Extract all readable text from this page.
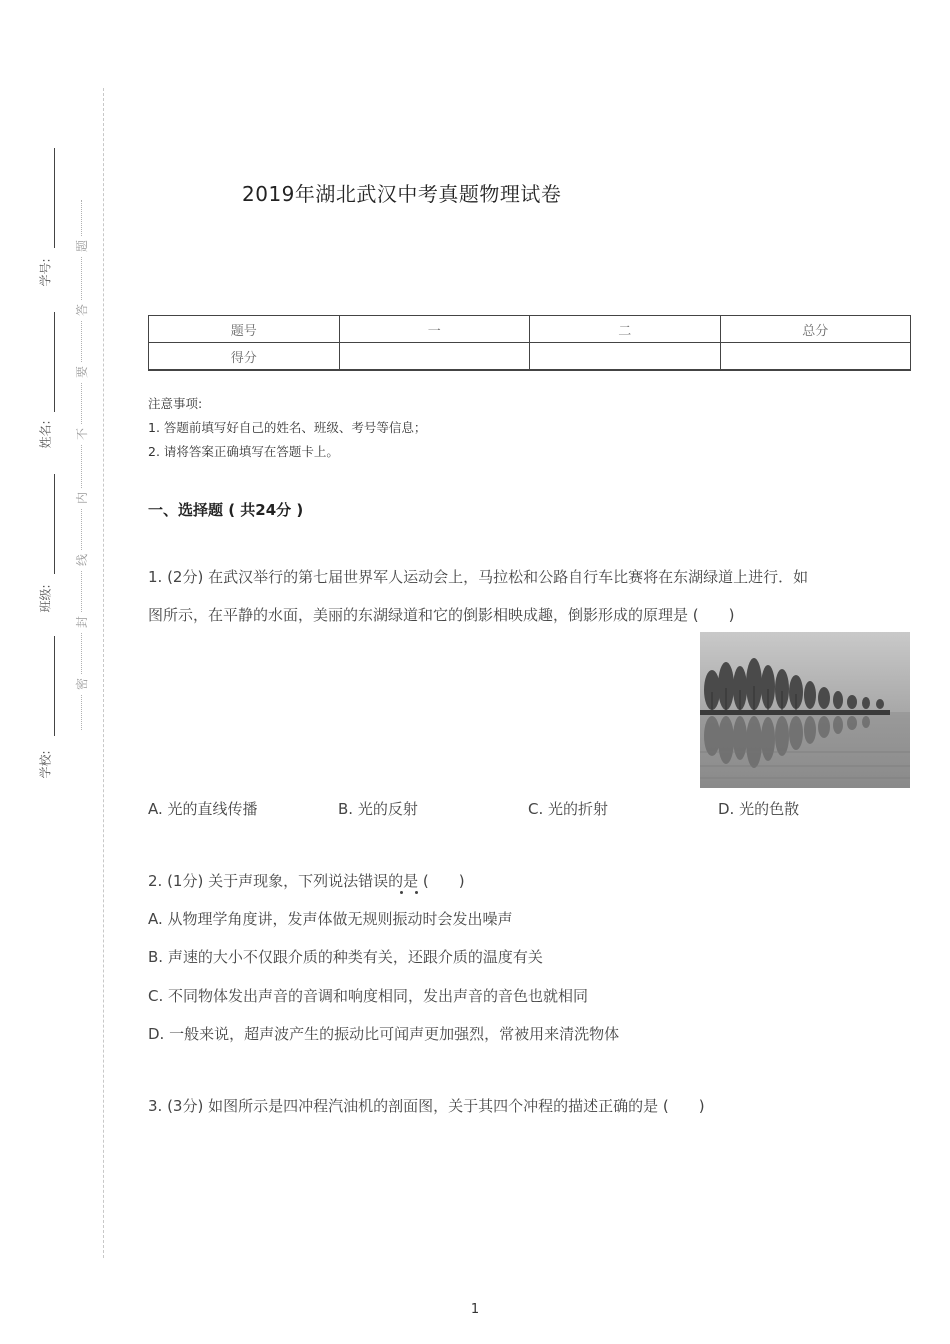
题
答
要
不
内
线
封
密
学号:
姓名:
班级:
学校:
2019年湖北武汉中考真题物理试卷
题号	一	二	总分
得分			
注意事项:
1. 答题前填写好自己的姓名、班级、考号等信息；
2. 请将答案正确填写在答题卡上。
一、选择题 ( 共24分 )
1. (2分) 在武汉举行的第七届世界军人运动会上，马拉松和公路自行车比赛将在东湖绿道上进行．如
图所示，在平静的水面，美丽的东湖绿道和它的倒影相映成趣，倒影形成的原理是 (　　)
A. 光的直线传播	B. 光的反射	C. 光的折射	D. 光的色散
2. (1分) 关于声现象，下列说法错误的是 (　　)
A. 从物理学角度讲，发声体做无规则振动时会发出噪声
B. 声速的大小不仅跟介质的种类有关，还跟介质的温度有关
C. 不同物体发出声音的音调和响度相同，发出声音的音色也就相同
D. 一般来说，超声波产生的振动比可闻声更加强烈，常被用来清洗物体
3. (3分) 如图所示是四冲程汽油机的剖面图，关于其四个冲程的描述正确的是 (　　)
1
